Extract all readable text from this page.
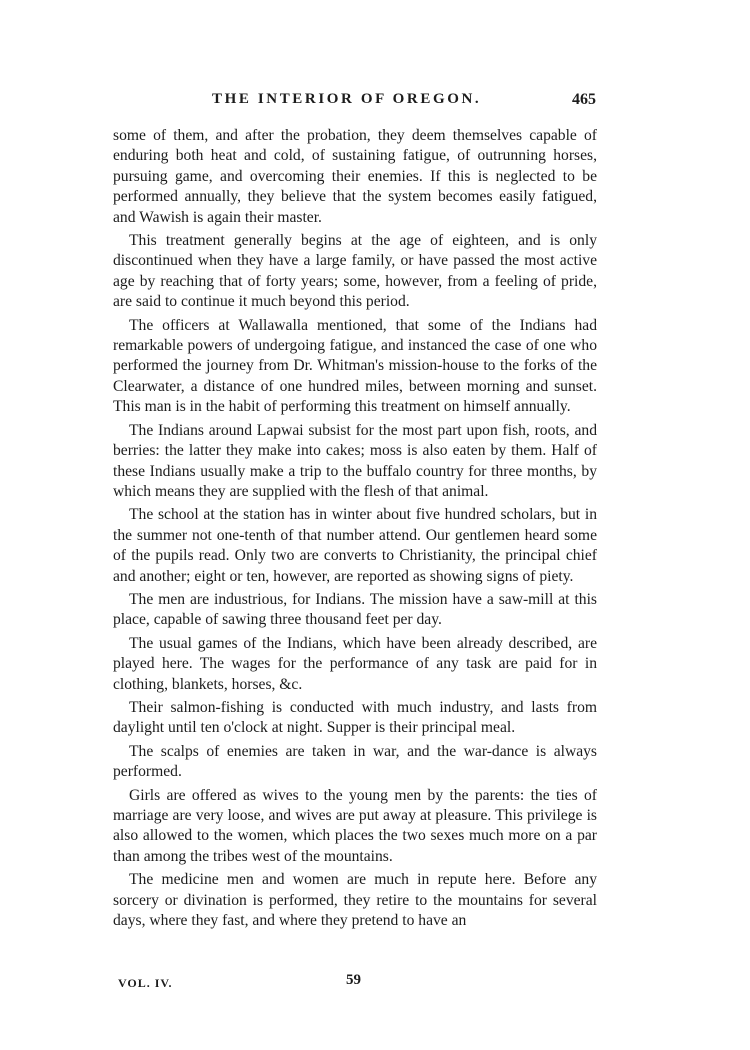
THE INTERIOR OF OREGON.	465

some of them, and after the probation, they deem themselves capable of enduring both heat and cold, of sustaining fatigue, of outrunning horses, pursuing game, and overcoming their enemies. If this is neglected to be performed annually, they believe that the system becomes easily fatigued, and Wawish is again their master.

This treatment generally begins at the age of eighteen, and is only discontinued when they have a large family, or have passed the most active age by reaching that of forty years; some, however, from a feeling of pride, are said to continue it much beyond this period.

The officers at Wallawalla mentioned, that some of the Indians had remarkable powers of undergoing fatigue, and instanced the case of one who performed the journey from Dr. Whitman's mission-house to the forks of the Clearwater, a distance of one hundred miles, between morning and sunset. This man is in the habit of performing this treatment on himself annually.

The Indians around Lapwai subsist for the most part upon fish, roots, and berries: the latter they make into cakes; moss is also eaten by them. Half of these Indians usually make a trip to the buffalo country for three months, by which means they are supplied with the flesh of that animal.

The school at the station has in winter about five hundred scholars, but in the summer not one-tenth of that number attend. Our gentlemen heard some of the pupils read. Only two are converts to Christianity, the principal chief and another; eight or ten, however, are reported as showing signs of piety.

The men are industrious, for Indians. The mission have a saw-mill at this place, capable of sawing three thousand feet per day.

The usual games of the Indians, which have been already described, are played here. The wages for the performance of any task are paid for in clothing, blankets, horses, &c.

Their salmon-fishing is conducted with much industry, and lasts from daylight until ten o'clock at night. Supper is their principal meal.

The scalps of enemies are taken in war, and the war-dance is always performed.

Girls are offered as wives to the young men by the parents: the ties of marriage are very loose, and wives are put away at pleasure. This privilege is also allowed to the women, which places the two sexes much more on a par than among the tribes west of the mountains.

The medicine men and women are much in repute here. Before any sorcery or divination is performed, they retire to the mountains for several days, where they fast, and where they pretend to have an

VOL. IV.	59
